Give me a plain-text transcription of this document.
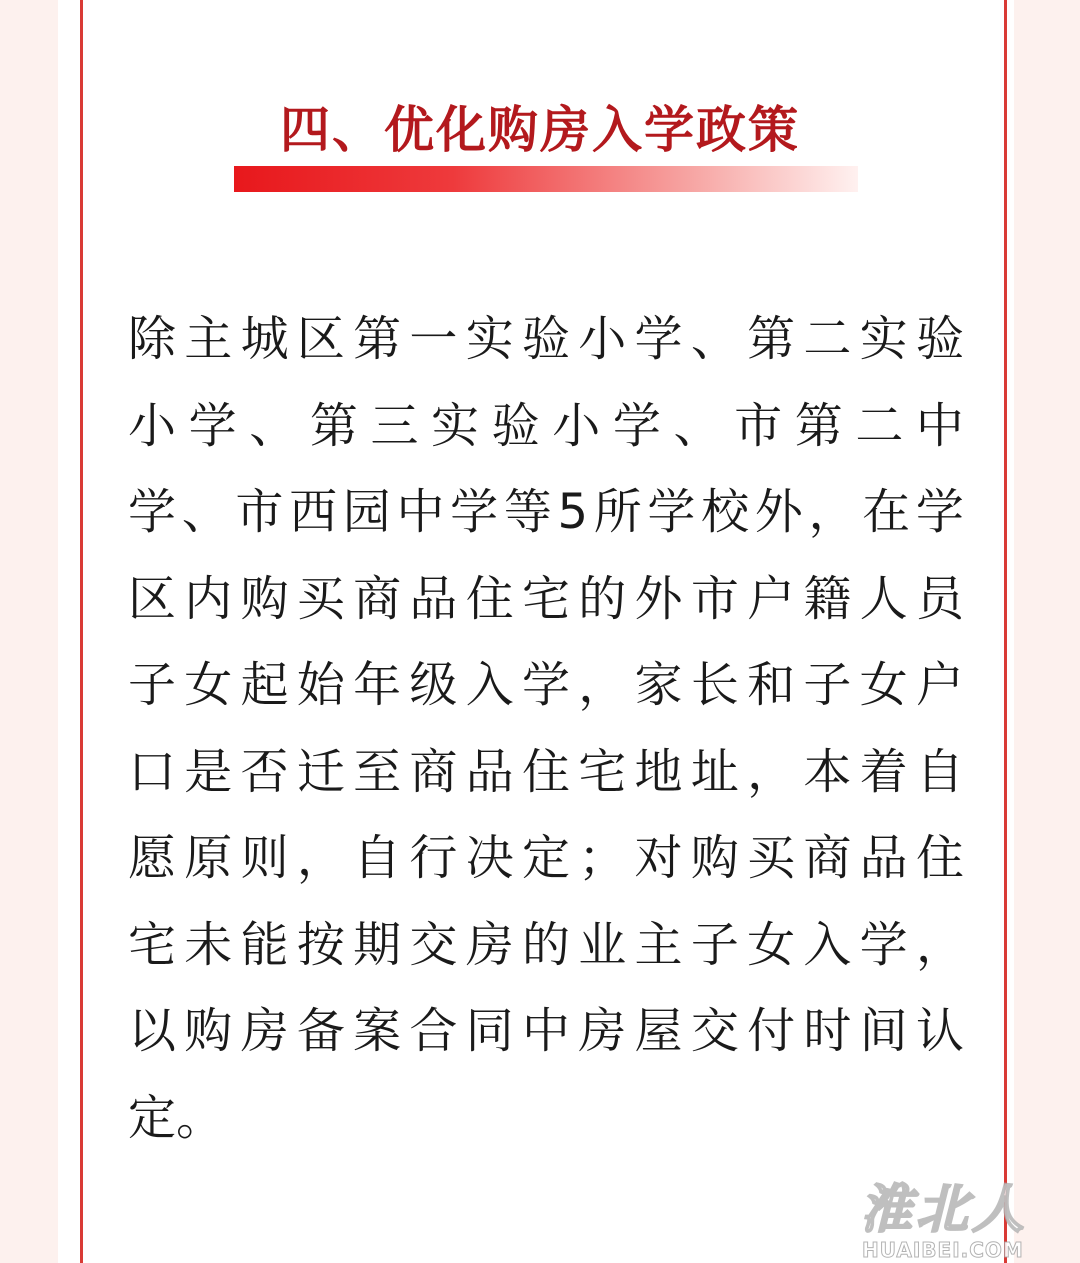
四、优化购房入学政策
除 主 城 区 第 一 实 验 小 学 、 第 二 实 验
小 学 、 第 三 实 验 小 学 、 市 第 二 中
学 、 市 西 园 中 学 等 5 所 学 校 外 ， 在 学
区 内 购 买 商 品 住 宅 的 外 市 户 籍 人 员
子 女 起 始 年 级 入 学 ， 家 长 和 子 女 户
口 是 否 迁 至 商 品 住 宅 地 址 ， 本 着 自
愿 原 则 ， 自 行 决 定 ； 对 购 买 商 品 住
宅 未 能 按 期 交 房 的 业 主 子 女 入 学 ，
以 购 房 备 案 合 同 中 房 屋 交 付 时 间 认
定 。
淮北人
HUAIBEI.COM
